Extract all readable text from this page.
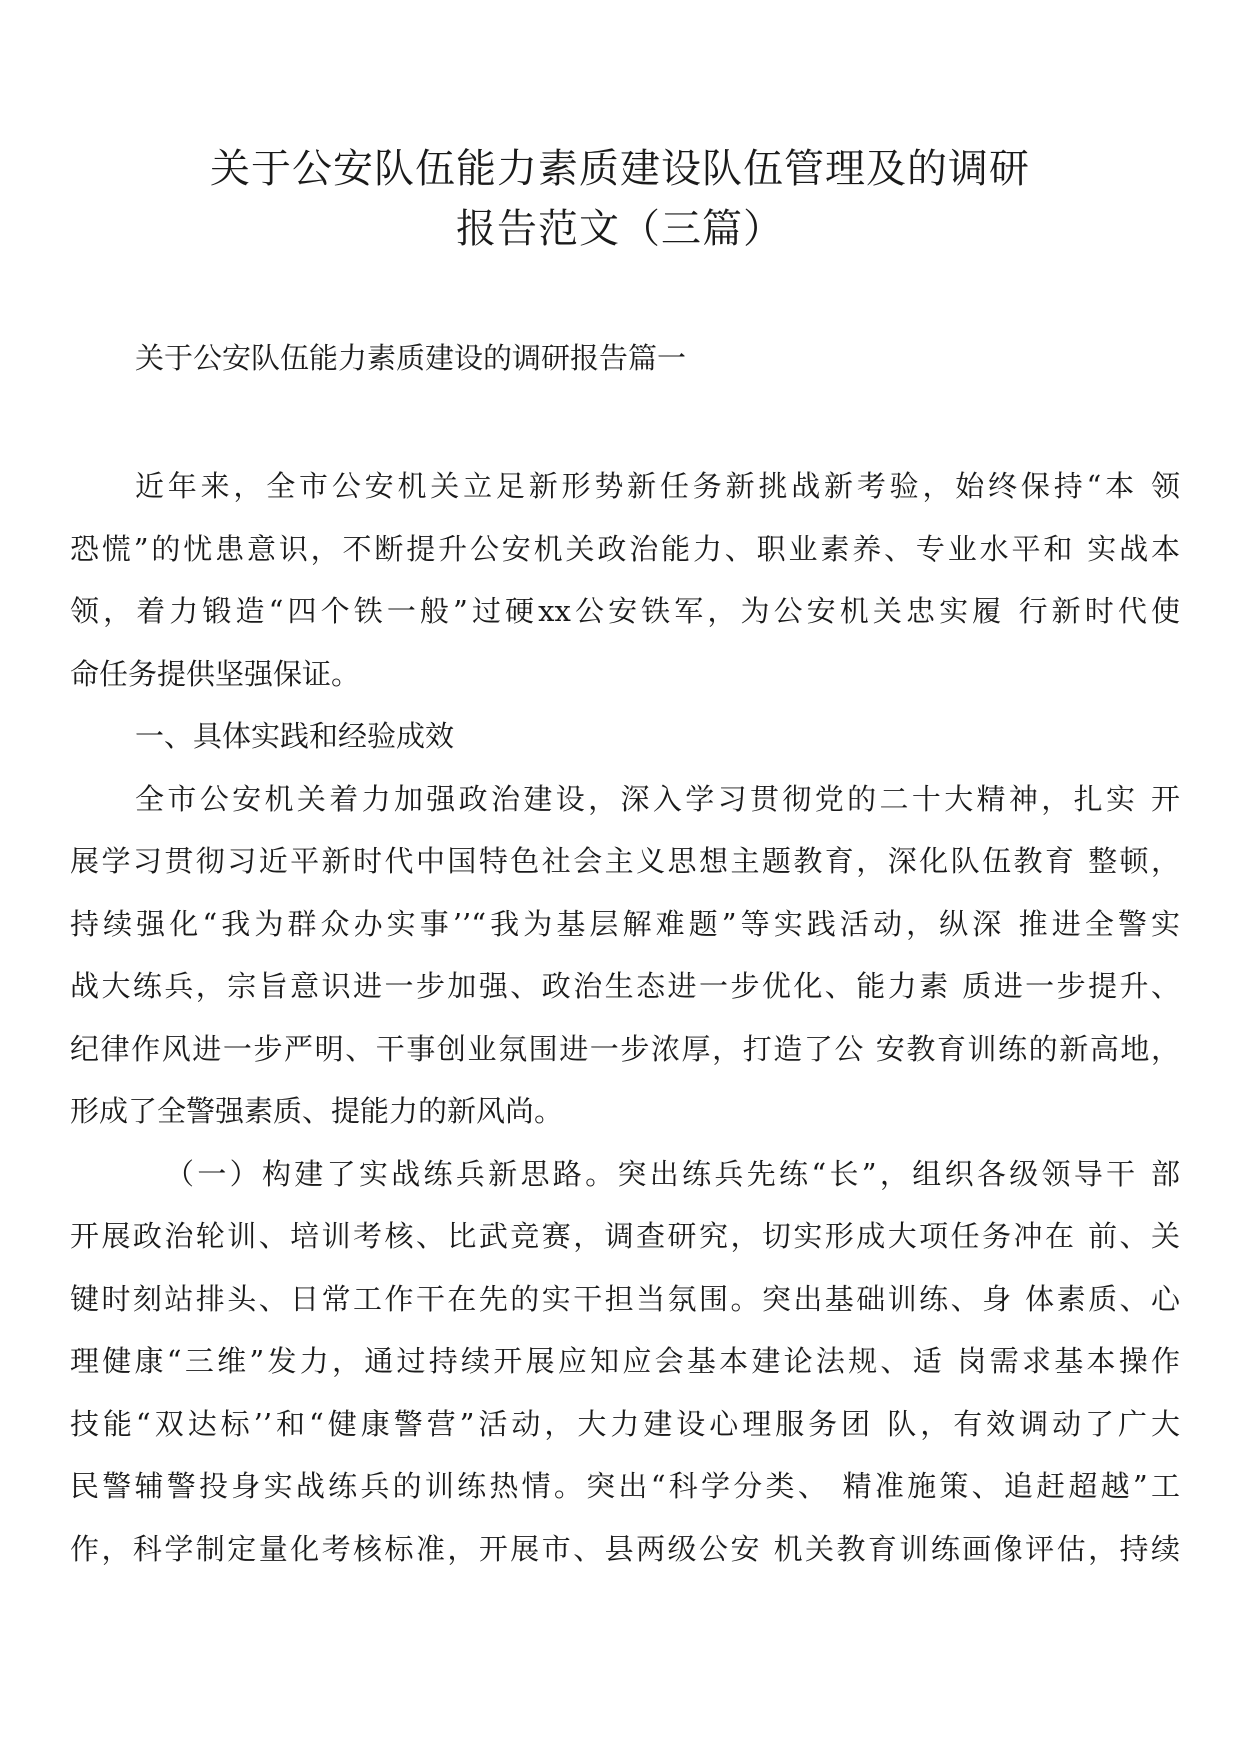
关于公安队伍能力素质建设队伍管理及的调研
报告范文（三篇）

关于公安队伍能力素质建设的调研报告篇一

近年来，全市公安机关立足新形势新任务新挑战新考验，始终保持“本 领
恐慌”的忧患意识，不断提升公安机关政治能力、职业素养、专业水平和 实战本
领，着力锻造“四个铁一般”过硬xx公安铁军，为公安机关忠实履 行新时代使
命任务提供坚强保证。
一、具体实践和经验成效
全市公安机关着力加强政治建设，深入学习贯彻党的二十大精神，扎实 开
展学习贯彻习近平新时代中国特色社会主义思想主题教育，深化队伍教育 整顿，
持续强化“我为群众办实事’’“我为基层解难题”等实践活动，纵深 推进全警实
战大练兵，宗旨意识进一步加强、政治生态进一步优化、能力素 质进一步提升、
纪律作风进一步严明、干事创业氛围进一步浓厚，打造了公 安教育训练的新高地，
形成了全警强素质、提能力的新风尚。
（一）构建了实战练兵新思路。突出练兵先练“长”，组织各级领导干 部
开展政治轮训、培训考核、比武竞赛，调查研究，切实形成大项任务冲在 前、关
键时刻站排头、日常工作干在先的实干担当氛围。突出基础训练、身 体素质、心
理健康“三维”发力，通过持续开展应知应会基本建论法规、适 岗需求基本操作
技能“双达标’’和“健康警营”活动，大力建设心理服务团 队，有效调动了广大
民警辅警投身实战练兵的训练热情。突出“科学分类、 精准施策、追赶超越”工
作，科学制定量化考核标准，开展市、县两级公安 机关教育训练画像评估，持续
